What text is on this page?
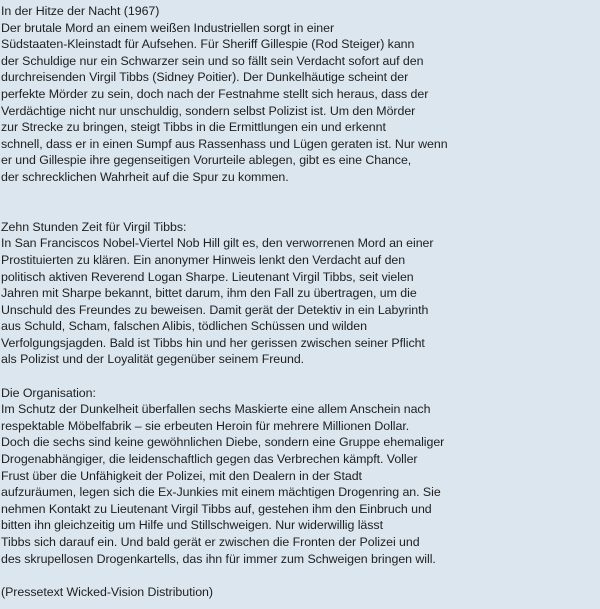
In der Hitze der Nacht (1967)
Der brutale Mord an einem weißen Industriellen sorgt in einer
Südstaaten-Kleinstadt für Aufsehen. Für Sheriff Gillespie (Rod Steiger) kann
der Schuldige nur ein Schwarzer sein und so fällt sein Verdacht sofort auf den
durchreisenden Virgil Tibbs (Sidney Poitier). Der Dunkelhäutige scheint der
perfekte Mörder zu sein, doch nach der Festnahme stellt sich heraus, dass der
Verdächtige nicht nur unschuldig, sondern selbst Polizist ist. Um den Mörder
zur Strecke zu bringen, steigt Tibbs in die Ermittlungen ein und erkennt
schnell, dass er in einen Sumpf aus Rassenhass und Lügen geraten ist. Nur wenn
er und Gillespie ihre gegenseitigen Vorurteile ablegen, gibt es eine Chance,
der schrecklichen Wahrheit auf die Spur zu kommen.
Zehn Stunden Zeit für Virgil Tibbs:
In San Franciscos Nobel-Viertel Nob Hill gilt es, den verworrenen Mord an einer
Prostituierten zu klären. Ein anonymer Hinweis lenkt den Verdacht auf den
politisch aktiven Reverend Logan Sharpe. Lieutenant Virgil Tibbs, seit vielen
Jahren mit Sharpe bekannt, bittet darum, ihm den Fall zu übertragen, um die
Unschuld des Freundes zu beweisen. Damit gerät der Detektiv in ein Labyrinth
aus Schuld, Scham, falschen Alibis, tödlichen Schüssen und wilden
Verfolgungsjagden. Bald ist Tibbs hin und her gerissen zwischen seiner Pflicht
als Polizist und der Loyalität gegenüber seinem Freund.
Die Organisation:
Im Schutz der Dunkelheit überfallen sechs Maskierte eine allem Anschein nach
respektable Möbelfabrik – sie erbeuten Heroin für mehrere Millionen Dollar.
Doch die sechs sind keine gewöhnlichen Diebe, sondern eine Gruppe ehemaliger
Drogenabhängiger, die leidenschaftlich gegen das Verbrechen kämpft. Voller
Frust über die Unfähigkeit der Polizei, mit den Dealern in der Stadt
aufzuräumen, legen sich die Ex-Junkies mit einem mächtigen Drogenring an. Sie
nehmen Kontakt zu Lieutenant Virgil Tibbs auf, gestehen ihm den Einbruch und
bitten ihn gleichzeitig um Hilfe und Stillschweigen. Nur widerwillig lässt
Tibbs sich darauf ein. Und bald gerät er zwischen die Fronten der Polizei und
des skrupellosen Drogenkartells, das ihn für immer zum Schweigen bringen will.
(Pressetext Wicked-Vision Distribution)
